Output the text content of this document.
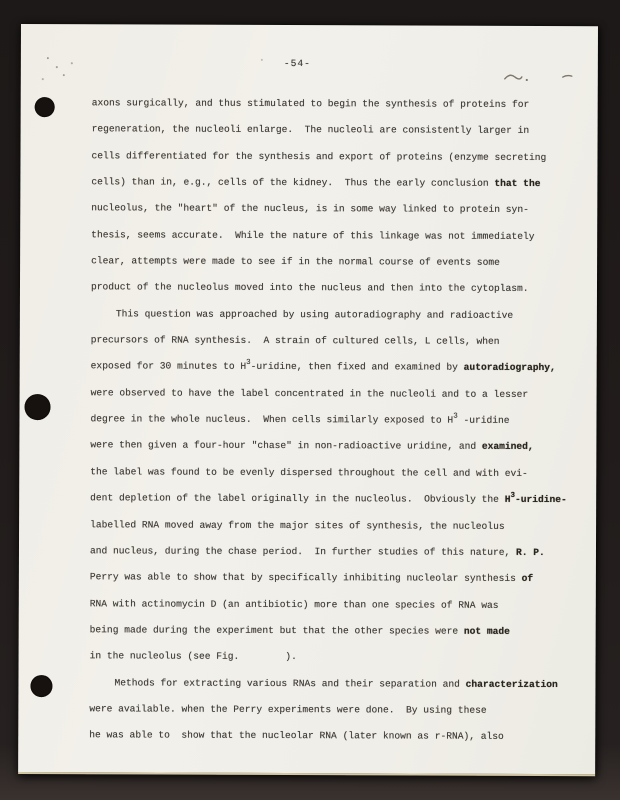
-54-
axons surgically, and thus stimulated to begin the synthesis of proteins for
regeneration, the nucleoli enlarge.  The nucleoli are consistently larger in
cells differentiated for the synthesis and export of proteins (enzyme secreting
cells) than in, e.g., cells of the kidney.  Thus the early conclusion that the
nucleolus, the "heart" of the nucleus, is in some way linked to protein syn-
thesis, seems accurate.  While the nature of this linkage was not immediately
clear, attempts were made to see if in the normal course of events some
product of the nucleolus moved into the nucleus and then into the cytoplasm.
This question was approached by using autoradiography and radioactive
precursors of RNA synthesis.  A strain of cultured cells, L cells, when
exposed for 30 minutes to $H^3$-uridine, then fixed and examined by autoradiography,
were observed to have the label concentrated in the nucleoli and to a lesser
degree in the whole nucleus.  When cells similarly exposed to $H^3$ -uridine
were then given a four-hour "chase" in non-radioactive uridine, and examined,
the label was found to be evenly dispersed throughout the cell and with evi-
dent depletion of the label originally in the nucleolus.  Obviously the $H^3-uridine-$
labelled RNA moved away from the major sites of synthesis, the nucleolus
and nucleus, during the chase period.  In further studies of this nature, R. P.
Perry was able to show that by specifically inhibiting nucleolar synthesis of
RNA with actinomycin D (an antibiotic) more than one species of RNA was
being made during the experiment but that the other species were not made
in the nucleolus (see Fig.        ).
Methods for extracting various RNAs and their separation and characterization
were available. when the Perry experiments were done.  By using these
he was able to  show that the nucleolar RNA (later known as r-RNA), also
